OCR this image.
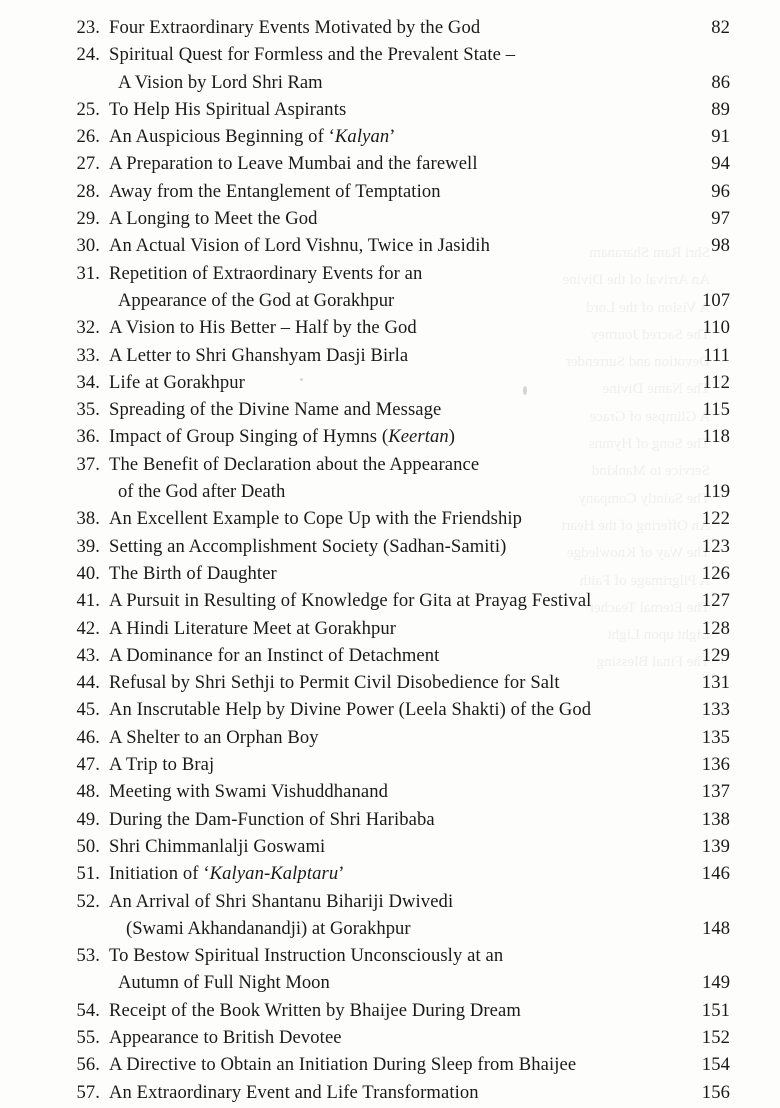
Shri Ram Sharanam
An Arrival of the Divine
A Vision of the Lord
The Sacred Journey
Devotion and Surrender
The Name Divine
A Glimpse of Grace
The Song of Hymns
Service to Mankind
The Saintly Company
An Offering of the Heart
The Way of Knowledge
A Pilgrimage of Faith
The Eternal Teacher
Light upon Light
The Final Blessing
23. Four Extraordinary Events Motivated by the God	82
24. Spiritual Quest for Formless and the Prevalent State –
A Vision by Lord Shri Ram	86
25. To Help His Spiritual Aspirants	89
26. An Auspicious Beginning of ‘Kalyan’	91
27. A Preparation to Leave Mumbai and the farewell	94
28. Away from the Entanglement of Temptation	96
29. A Longing to Meet the God	97
30. An Actual Vision of Lord Vishnu, Twice in Jasidih	98
31. Repetition of Extraordinary Events for an
Appearance of the God at Gorakhpur	107
32. A Vision to His Better – Half by the God	110
33. A Letter to Shri Ghanshyam Dasji Birla	111
34. Life at Gorakhpur	112
35. Spreading of the Divine Name and Message	115
36. Impact of Group Singing of Hymns (Keertan)	118
37. The Benefit of Declaration about the Appearance
of the God after Death	119
38. An Excellent Example to Cope Up with the Friendship	122
39. Setting an Accomplishment Society (Sadhan-Samiti)	123
40. The Birth of Daughter	126
41. A Pursuit in Resulting of Knowledge for Gita at Prayag Festival	127
42. A Hindi Literature Meet at Gorakhpur	128
43. A Dominance for an Instinct of Detachment	129
44. Refusal by Shri Sethji to Permit Civil Disobedience for Salt	131
45. An Inscrutable Help by Divine Power (Leela Shakti) of the God	133
46. A Shelter to an Orphan Boy	135
47. A Trip to Braj	136
48. Meeting with Swami Vishuddhanand	137
49. During the Dam-Function of Shri Haribaba	138
50. Shri Chimmanlalji Goswami	139
51. Initiation of ‘Kalyan-Kalptaru’	146
52. An Arrival of Shri Shantanu Bihariji Dwivedi
(Swami Akhandanandji) at Gorakhpur	148
53. To Bestow Spiritual Instruction Unconsciously at an
Autumn of Full Night Moon	149
54. Receipt of the Book Written by Bhaijee During Dream	151
55. Appearance to British Devotee	152
56. A Directive to Obtain an Initiation During Sleep from Bhaijee	154
57. An Extraordinary Event and Life Transformation	156
